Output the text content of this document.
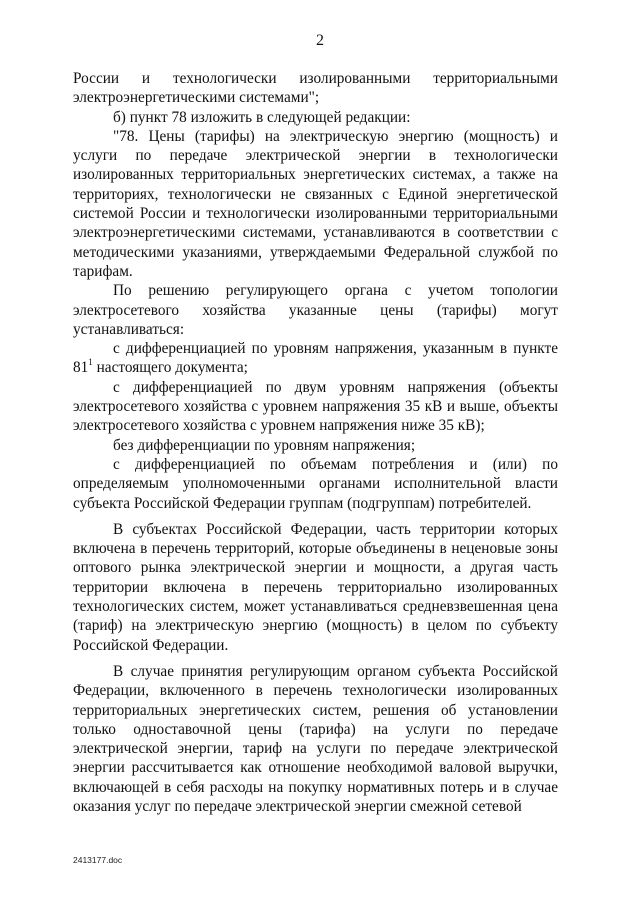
2

России и технологически изолированными территориальными электроэнергетическими системами";

б) пункт 78 изложить в следующей редакции:

"78. Цены (тарифы) на электрическую энергию (мощность) и услуги по передаче электрической энергии в технологически изолированных территориальных энергетических системах, а также на территориях, технологически не связанных с Единой энергетической системой России и технологически изолированными территориальными электроэнергетическими системами, устанавливаются в соответствии с методическими указаниями, утверждаемыми Федеральной службой по тарифам.

По решению регулирующего органа с учетом топологии электросетевого хозяйства указанные цены (тарифы) могут устанавливаться:

с дифференциацией по уровням напряжения, указанным в пункте $81^1$ настоящего документа;

с дифференциацией по двум уровням напряжения (объекты электросетевого хозяйства с уровнем напряжения 35 кВ и выше, объекты электросетевого хозяйства с уровнем напряжения ниже 35 кВ);

без дифференциации по уровням напряжения;

с дифференциацией по объемам потребления и (или) по определяемым уполномоченными органами исполнительной власти субъекта Российской Федерации группам (подгруппам) потребителей.

В субъектах Российской Федерации, часть территории которых включена в перечень территорий, которые объединены в неценовые зоны оптового рынка электрической энергии и мощности, а другая часть территории включена в перечень территориально изолированных технологических систем, может устанавливаться средневзвешенная цена (тариф) на электрическую энергию (мощность) в целом по субъекту Российской Федерации.

В случае принятия регулирующим органом субъекта Российской Федерации, включенного в перечень технологически изолированных территориальных энергетических систем, решения об установлении только одноставочной цены (тарифа) на услуги по передаче электрической энергии, тариф на услуги по передаче электрической энергии рассчитывается как отношение необходимой валовой выручки, включающей в себя расходы на покупку нормативных потерь и в случае оказания услуг по передаче электрической энергии смежной сетевой

2413177.doc
